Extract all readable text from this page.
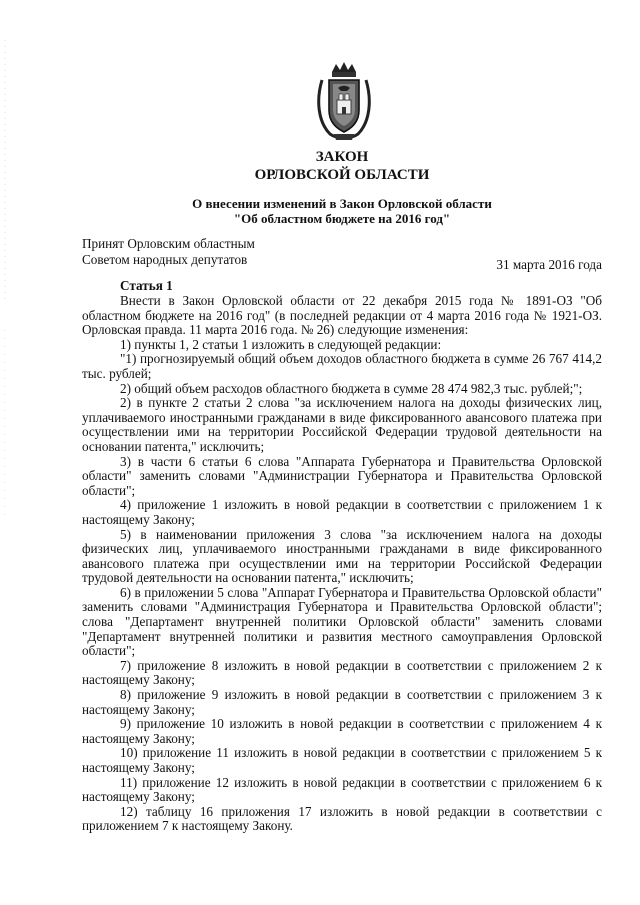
ЗАКОН
ОРЛОВСКОЙ ОБЛАСТИ
О внесении изменений в Закон Орловской области
"Об областном бюджете на 2016 год"
Принят Орловским областным
Советом народных депутатов	31 марта 2016 года
Статья 1

Внести в Закон Орловской области от 22 декабря 2015 года № 1891-ОЗ "Об областном бюджете на 2016 год" (в последней редакции от 4 марта 2016 года № 1921-ОЗ. Орловская правда. 11 марта 2016 года. № 26) следующие изменения:

1) пункты 1, 2 статьи 1 изложить в следующей редакции:

"1) прогнозируемый общий объем доходов областного бюджета в сумме 26 767 414,2 тыс. рублей;

2) общий объем расходов областного бюджета в сумме 28 474 982,3 тыс. рублей;";

2) в пункте 2 статьи 2 слова "за исключением налога на доходы физических лиц, уплачиваемого иностранными гражданами в виде фиксированного авансового платежа при осуществлении ими на территории Российской Федерации трудовой деятельности на основании патента," исключить;

3) в части 6 статьи 6 слова "Аппарата Губернатора и Правительства Орловской области" заменить словами "Администрации Губернатора и Правительства Орловской области";

4) приложение 1 изложить в новой редакции в соответствии с приложением 1 к настоящему Закону;

5) в наименовании приложения 3 слова "за исключением налога на доходы физических лиц, уплачиваемого иностранными гражданами в виде фиксированного авансового платежа при осуществлении ими на территории Российской Федерации трудовой деятельности на основании патента," исключить;

6) в приложении 5 слова "Аппарат Губернатора и Правительства Орловской области" заменить словами "Администрация Губернатора и Правительства Орловской области"; слова "Департамент внутренней политики Орловской области" заменить словами "Департамент внутренней политики и развития местного самоуправления Орловской области";

7) приложение 8 изложить в новой редакции в соответствии с приложением 2 к настоящему Закону;

8) приложение 9 изложить в новой редакции в соответствии с приложением 3 к настоящему Закону;

9) приложение 10 изложить в новой редакции в соответствии с приложением 4 к настоящему Закону;

10) приложение 11 изложить в новой редакции в соответствии с приложением 5 к настоящему Закону;

11) приложение 12 изложить в новой редакции в соответствии с приложением 6 к настоящему Закону;

12) таблицу 16 приложения 17 изложить в новой редакции в соответствии с приложением 7 к настоящему Закону.
